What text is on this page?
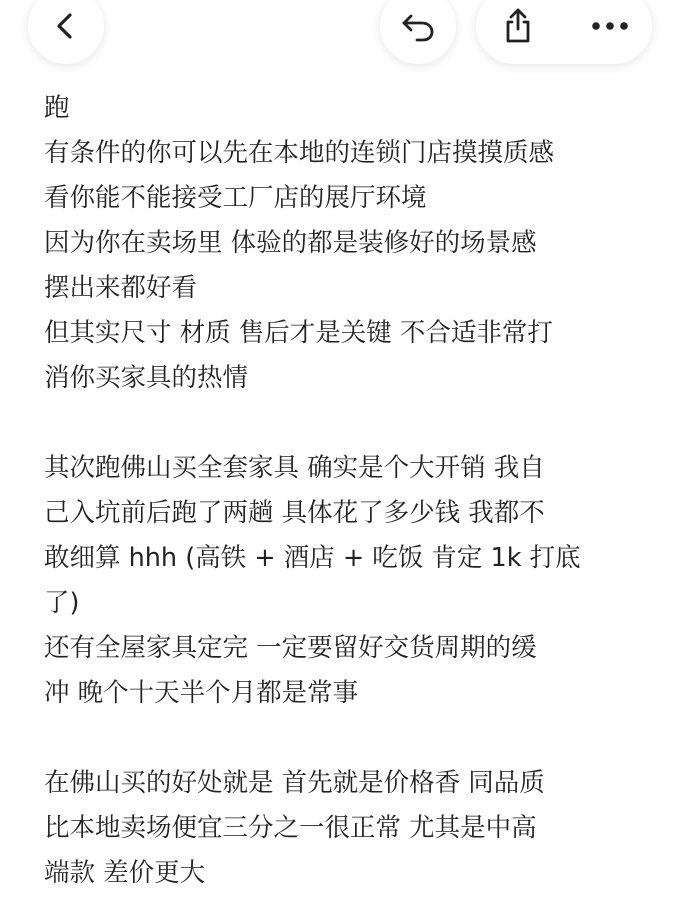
跑
有条件的你可以先在本地的连锁门店摸摸质感
看你能不能接受工厂店的展厅环境
因为你在卖场里 体验的都是装修好的场景感
摆出来都好看
但其实尺寸 材质 售后才是关键 不合适非常打
消你买家具的热情
其次跑佛山买全套家具 确实是个大开销 我自
己入坑前后跑了两趟 具体花了多少钱 我都不
敢细算 hhh (高铁 + 酒店 + 吃饭 肯定 1k 打底
了)
还有全屋家具定完 一定要留好交货周期的缓
冲 晚个十天半个月都是常事
在佛山买的好处就是 首先就是价格香 同品质
比本地卖场便宜三分之一很正常 尤其是中高
端款 差价更大
